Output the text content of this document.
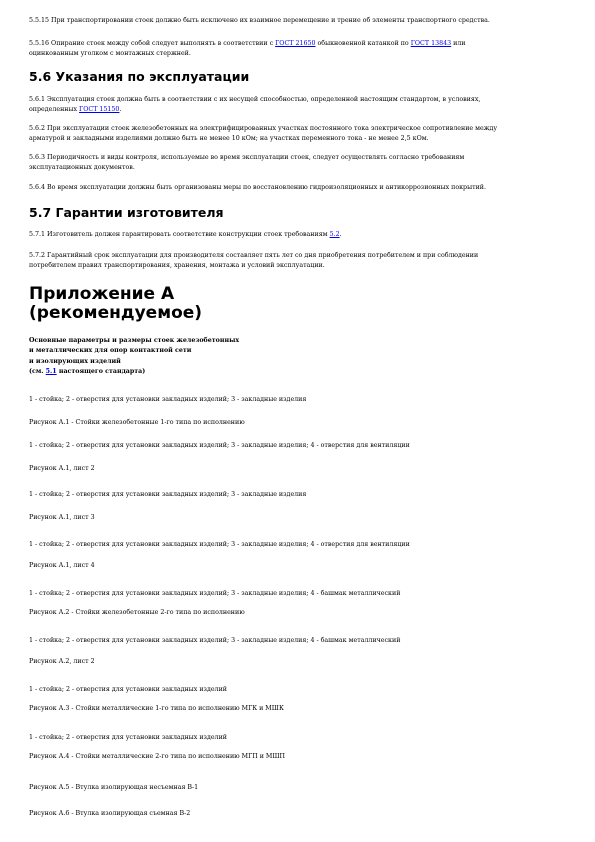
5.5.15 При транспортировании стоек должно быть исключено их взаимное перемещение и трение об элементы транспортного средства.

5.5.16 Опирание стоек между собой следует выполнять в соответствии с ГОСТ 21650 обыкновенной катанкой по ГОСТ 13843 или

оцинкованным уголком с монтажных стержней.

5.6 Указания по эксплуатации

5.6.1 Эксплуатация стоек должна быть в соответствии с их несущей способностью, определенной настоящим стандартом, в условиях,

определенных ГОСТ 15150.

5.6.2 При эксплуатации стоек железобетонных на электрифицированных участках постоянного тока электрическое сопротивление между

арматурой и закладными изделиями должно быть не менее 10 кОм; на участках переменного тока - не менее 2,5 кОм.

5.6.3 Периодичность и виды контроля, используемые во время эксплуатации стоек, следует осуществлять согласно требованиям

эксплуатационных документов.

5.6.4 Во время эксплуатации должны быть организованы меры по восстановлению гидроизоляционных и антикоррозионных покрытий.

5.7 Гарантии изготовителя

5.7.1 Изготовитель должен гарантировать соответствие конструкции стоек требованиям 5.2.

5.7.2 Гарантийный срок эксплуатации для производителя составляет пять лет со дня приобретения потребителем и при соблюдении

потребителем правил транспортирования, хранения, монтажа и условий эксплуатации.

Приложение А
(рекомендуемое)

Основные параметры и размеры стоек железобетонных

и металлических для опор контактной сети

и изолирующих изделий

(см. 5.1 настоящего стандарта)

1 - стойка; 2 - отверстия для установки закладных изделий; 3 - закладные изделия

Рисунок А.1 - Стойки железобетонные 1-го типа по исполнению

1 - стойка; 2 - отверстия для установки закладных изделий; 3 - закладные изделия; 4 - отверстия для вентиляции

Рисунок А.1, лист 2

1 - стойка; 2 - отверстия для установки закладных изделий; 3 - закладные изделия

Рисунок А.1, лист 3

1 - стойка; 2 - отверстия для установки закладных изделий; 3 - закладные изделия; 4 - отверстия для вентиляции

Рисунок А.1, лист 4

1 - стойка; 2 - отверстия для установки закладных изделий; 3 - закладные изделия; 4 - башмак металлический

Рисунок А.2 - Стойки железобетонные 2-го типа по исполнению

1 - стойка; 2 - отверстия для установки закладных изделий; 3 - закладные изделия; 4 - башмак металлический

Рисунок А.2, лист 2

1 - стойка; 2 - отверстия для установки закладных изделий

Рисунок А.3 - Стойки металлические 1-го типа по исполнению МГК и МШК

1 - стойка; 2 - отверстия для установки закладных изделий

Рисунок А.4 - Стойки металлические 2-го типа по исполнению МГП и МШП

Рисунок А.5 - Втулка изолирующая несъемная В-1

Рисунок А.6 - Втулка изолирующая съемная В-2
